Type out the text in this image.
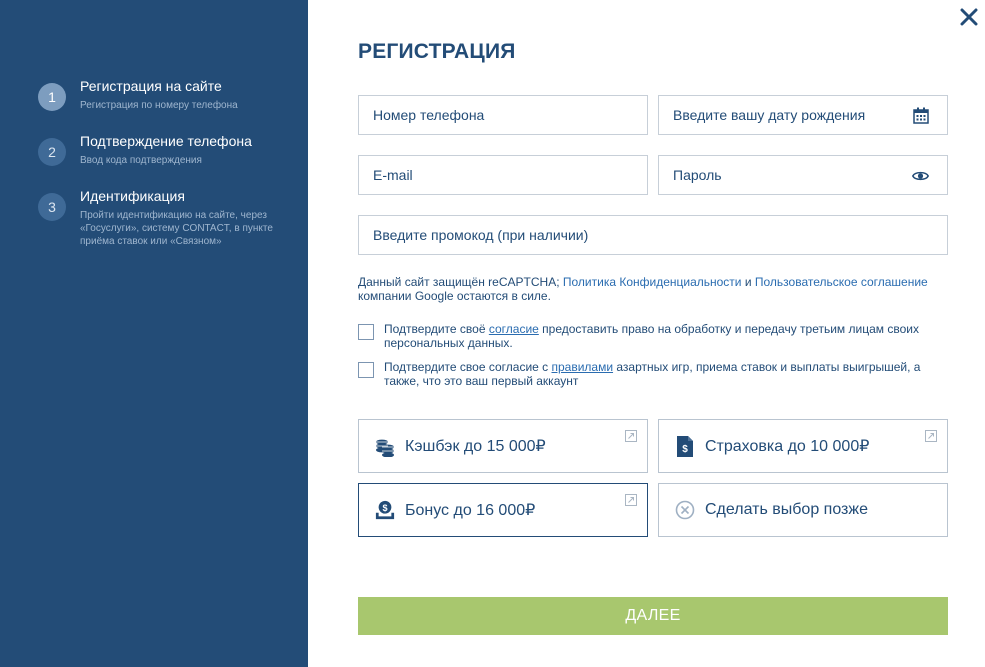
1
Регистрация на сайте
Регистрация по номеру телефона
2
Подтверждение телефона
Ввод кода подтверждения
3
Идентификация
Пройти идентификацию на сайте, через «Госуслуги», систему CONTACT, в пункте приёма ставок или «Связном»
РЕГИСТРАЦИЯ
Номер телефона
Введите вашу дату рождения
E-mail
Введите промокод (при наличии)
Данный сайт защищён reCAPTCHA; Политика Конфиденциальности и Пользовательское соглашение компании Google остаются в силе.
Подтвердите своё согласие предоставить право на обработку и передачу третьим лицам своих персональных данных.
Подтвердите свое согласие с правилами азартных игр, приема ставок и выплаты выигрышей, а также, что это ваш первый аккаунт
Кэшбэк до 15 000₽	$ Страховка до 10 000₽
$ Бонус до 16 000₽	Сделать выбор позже
ДАЛЕЕ
